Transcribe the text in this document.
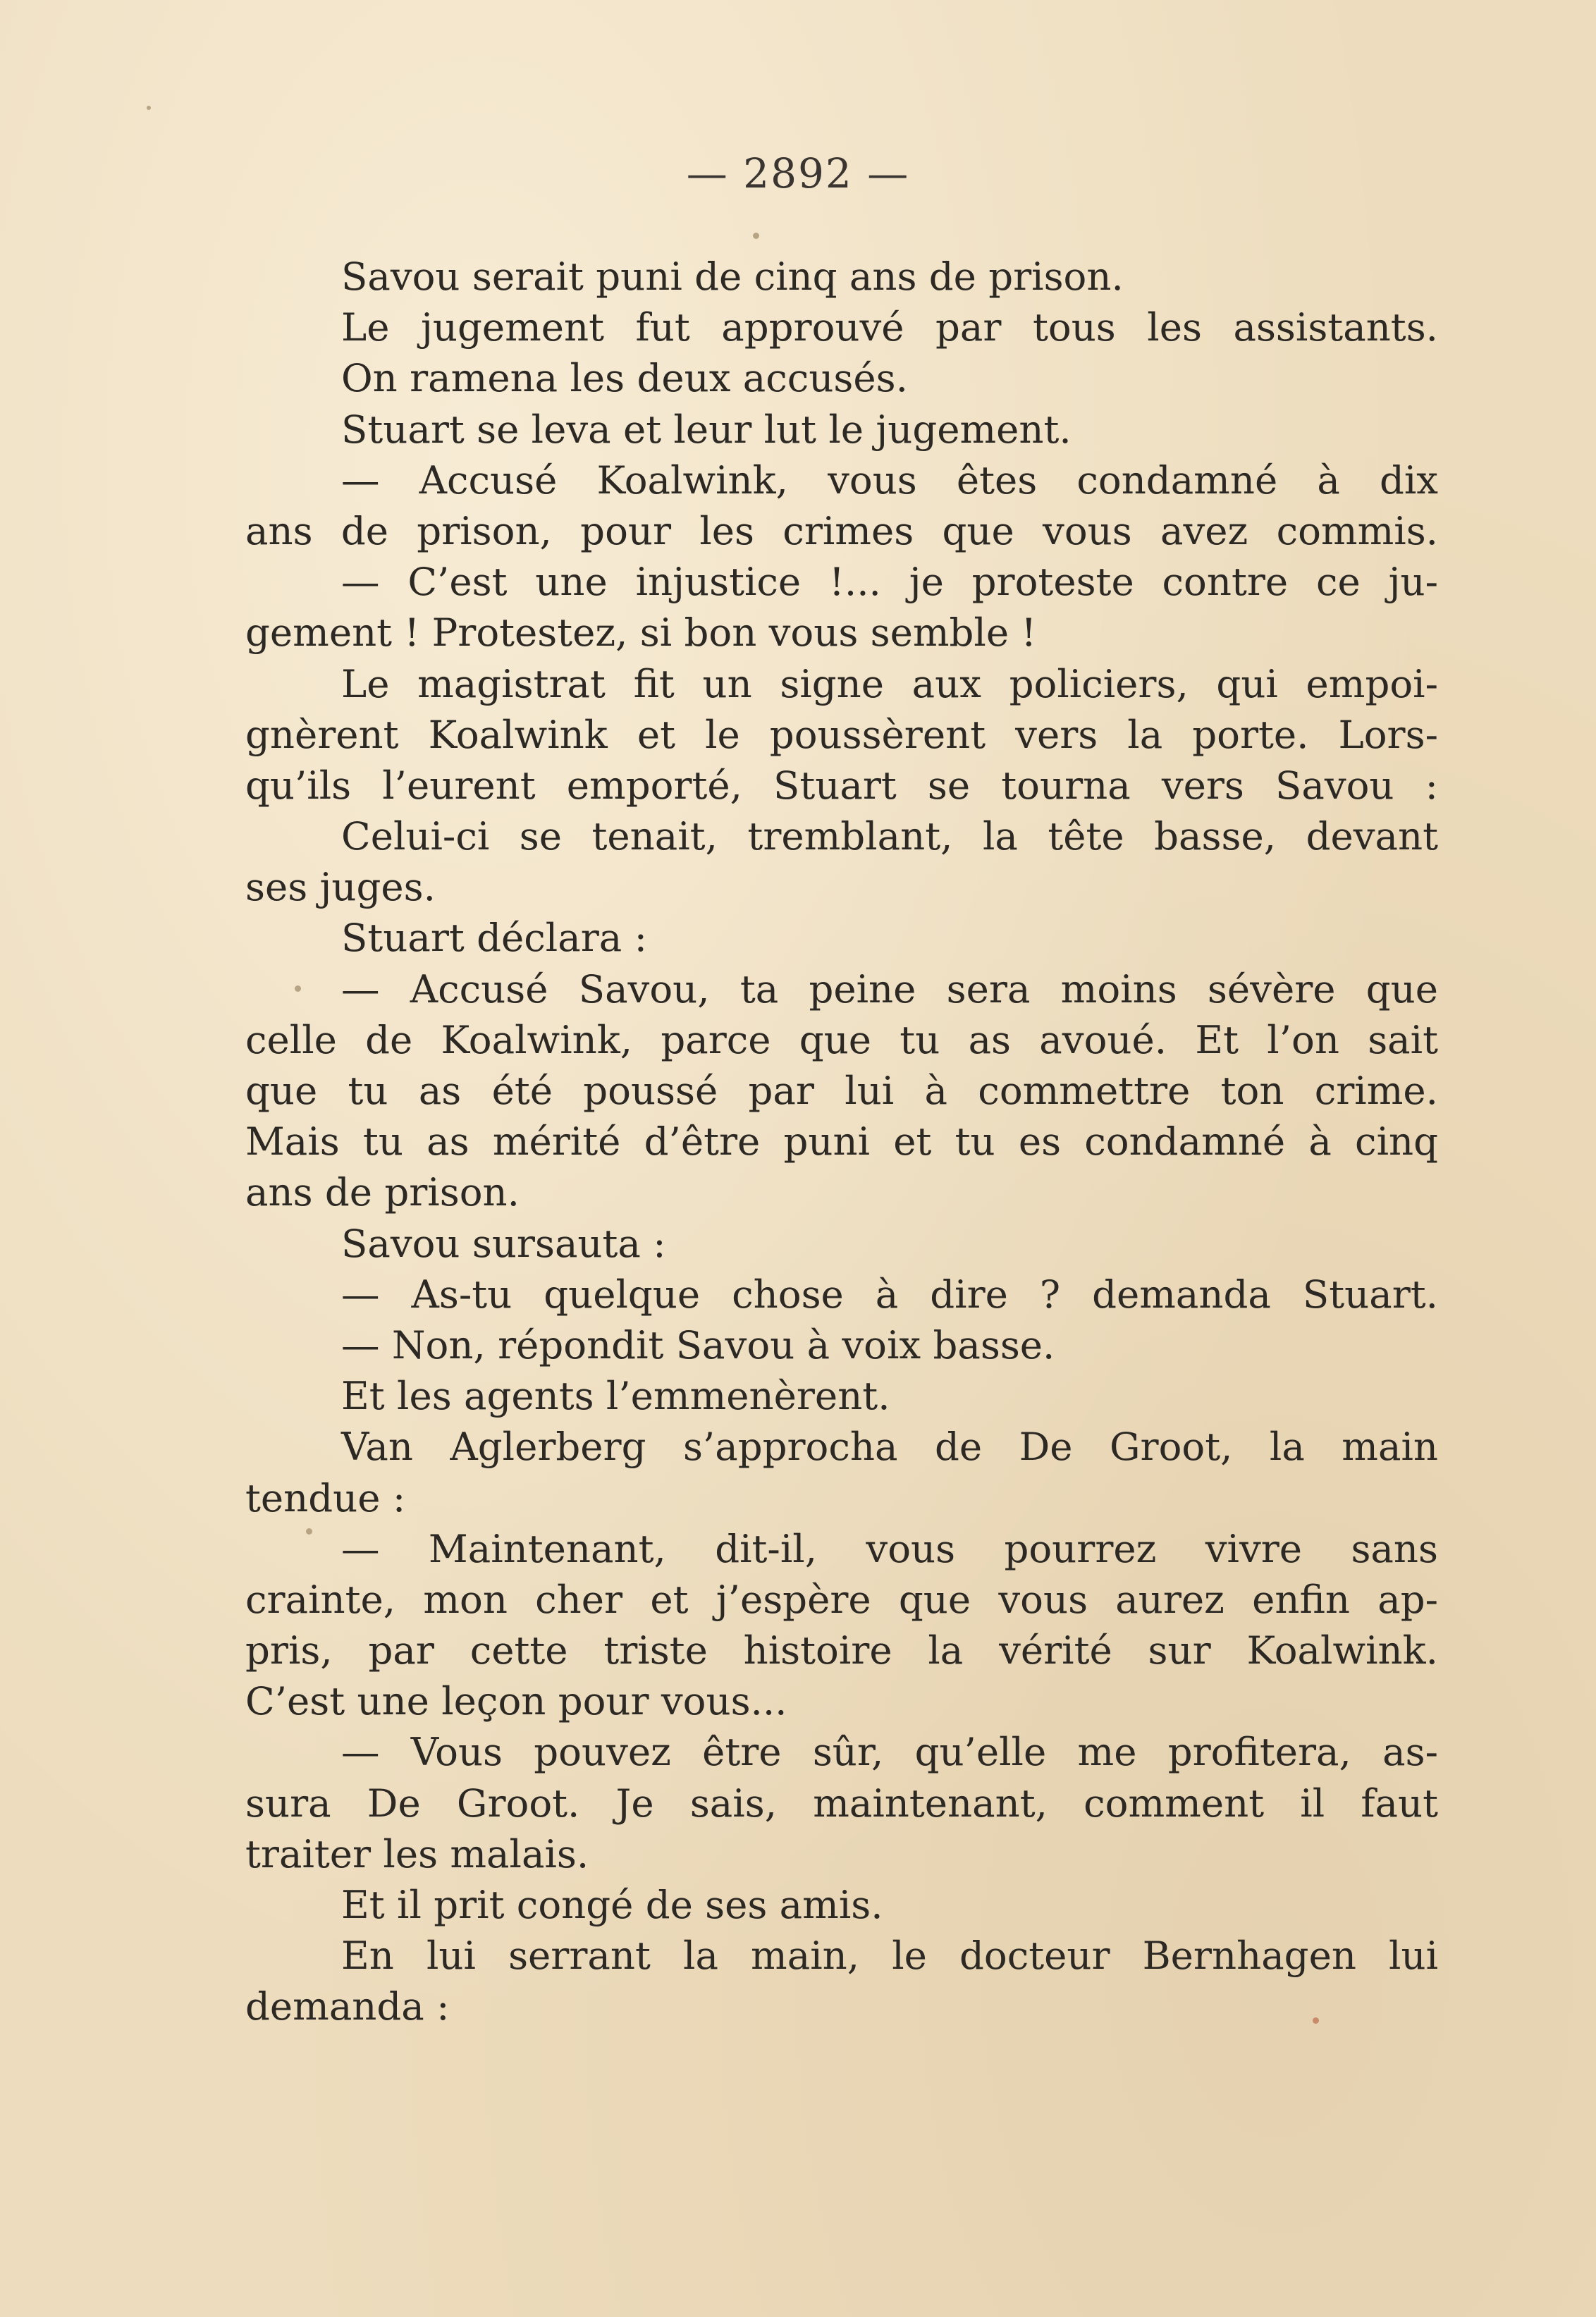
— 2892 —
Savou serait puni de cinq ans de prison.
Le jugement fut approuvé par tous les assistants.
On ramena les deux accusés.
Stuart se leva et leur lut le jugement.
— Accusé Koalwink, vous êtes condamné à dix
ans de prison, pour les crimes que vous avez commis.
— C’est une injustice !... je proteste contre ce ju-
gement ! Protestez, si bon vous semble !
Le magistrat fit un signe aux policiers, qui empoi-
gnèrent Koalwink et le poussèrent vers la porte. Lors-
qu’ils l’eurent emporté, Stuart se tourna vers Savou :
Celui-ci se tenait, tremblant, la tête basse, devant
ses juges.
Stuart déclara :
— Accusé Savou, ta peine sera moins sévère que
celle de Koalwink, parce que tu as avoué. Et l’on sait
que tu as été poussé par lui à commettre ton crime.
Mais tu as mérité d’être puni et tu es condamné à cinq
ans de prison.
Savou sursauta :
— As-tu quelque chose à dire ? demanda Stuart.
— Non, répondit Savou à voix basse.
Et les agents l’emmenèrent.
Van Aglerberg s’approcha de De Groot, la main
tendue :
— Maintenant, dit-il, vous pourrez vivre sans
crainte, mon cher et j’espère que vous aurez enfin ap-
pris, par cette triste histoire la vérité sur Koalwink.
C’est une leçon pour vous...
— Vous pouvez être sûr, qu’elle me profitera, as-
sura De Groot. Je sais, maintenant, comment il faut
traiter les malais.
Et il prit congé de ses amis.
En lui serrant la main, le docteur Bernhagen lui
demanda :
